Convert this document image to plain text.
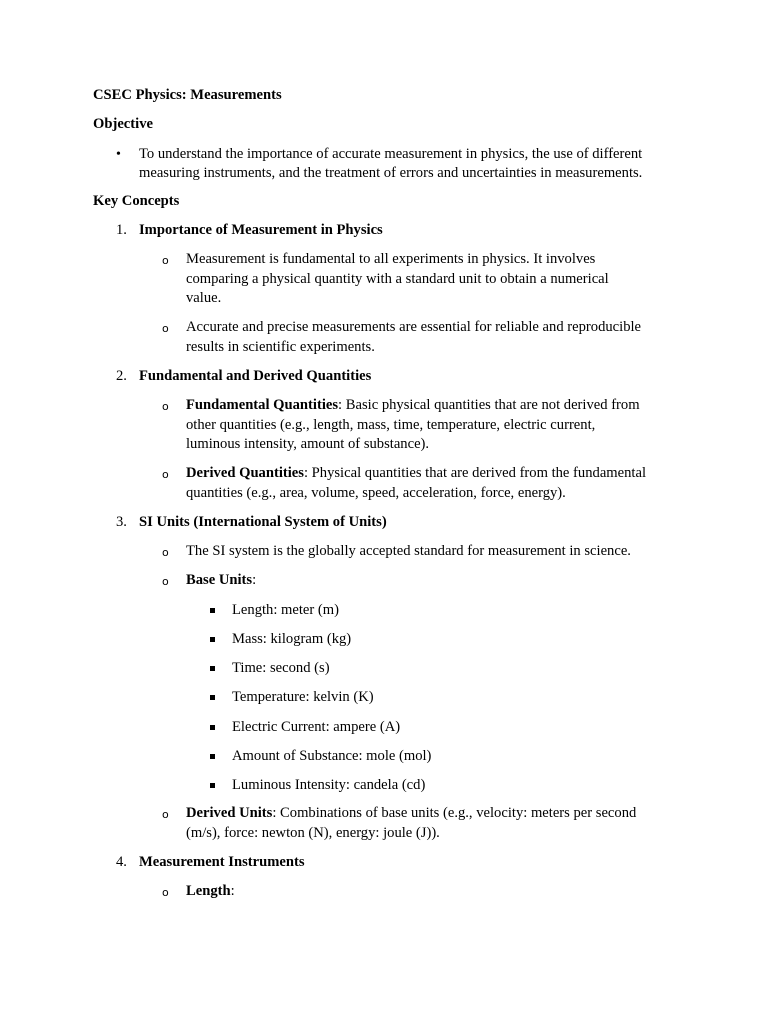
CSEC Physics: Measurements
Objective
• To understand the importance of accurate measurement in physics, the use of different
measuring instruments, and the treatment of errors and uncertainties in measurements.
Key Concepts
1. Importance of Measurement in Physics
o Measurement is fundamental to all experiments in physics. It involves
comparing a physical quantity with a standard unit to obtain a numerical
value.
o Accurate and precise measurements are essential for reliable and reproducible
results in scientific experiments.
2. Fundamental and Derived Quantities
o Fundamental Quantities: Basic physical quantities that are not derived from
other quantities (e.g., length, mass, time, temperature, electric current,
luminous intensity, amount of substance).
o Derived Quantities: Physical quantities that are derived from the fundamental
quantities (e.g., area, volume, speed, acceleration, force, energy).
3. SI Units (International System of Units)
o The SI system is the globally accepted standard for measurement in science.
o Base Units:
Length: meter (m)
Mass: kilogram (kg)
Time: second (s)
Temperature: kelvin (K)
Electric Current: ampere (A)
Amount of Substance: mole (mol)
Luminous Intensity: candela (cd)
o Derived Units: Combinations of base units (e.g., velocity: meters per second
(m/s), force: newton (N), energy: joule (J)).
4. Measurement Instruments
o Length:
